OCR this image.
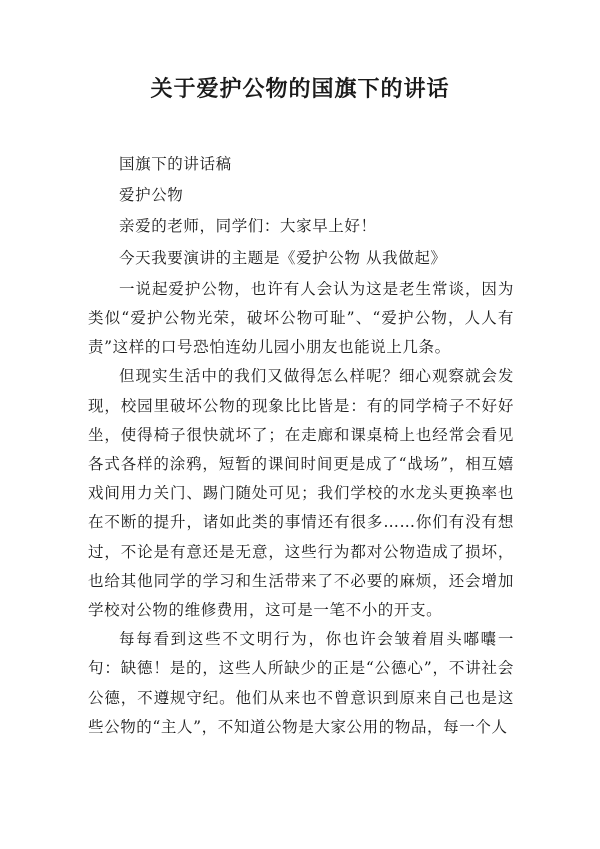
关于爱护公物的国旗下的讲话

国旗下的讲话稿

爱护公物

亲爱的老师，同学们：大家早上好！

今天我要演讲的主题是《爱护公物 从我做起》

一说起爱护公物，也许有人会认为这是老生常谈，因为类似“爱护公物光荣，破坏公物可耻”、“爱护公物，人人有责”这样的口号恐怕连幼儿园小朋友也能说上几条。

但现实生活中的我们又做得怎么样呢？细心观察就会发现，校园里破坏公物的现象比比皆是：有的同学椅子不好好坐，使得椅子很快就坏了；在走廊和课桌椅上也经常会看见各式各样的涂鸦，短暂的课间时间更是成了“战场”，相互嬉戏间用力关门、踢门随处可见；我们学校的水龙头更换率也在不断的提升，诸如此类的事情还有很多……你们有没有想过，不论是有意还是无意，这些行为都对公物造成了损坏，也给其他同学的学习和生活带来了不必要的麻烦，还会增加学校对公物的维修费用，这可是一笔不小的开支。

每每看到这些不文明行为，你也许会皱着眉头嘟囔一句：缺德！是的，这些人所缺少的正是“公德心”，不讲社会公德，不遵规守纪。他们从来也不曾意识到原来自己也是这些公物的“主人”，不知道公物是大家公用的物品，每一个人
